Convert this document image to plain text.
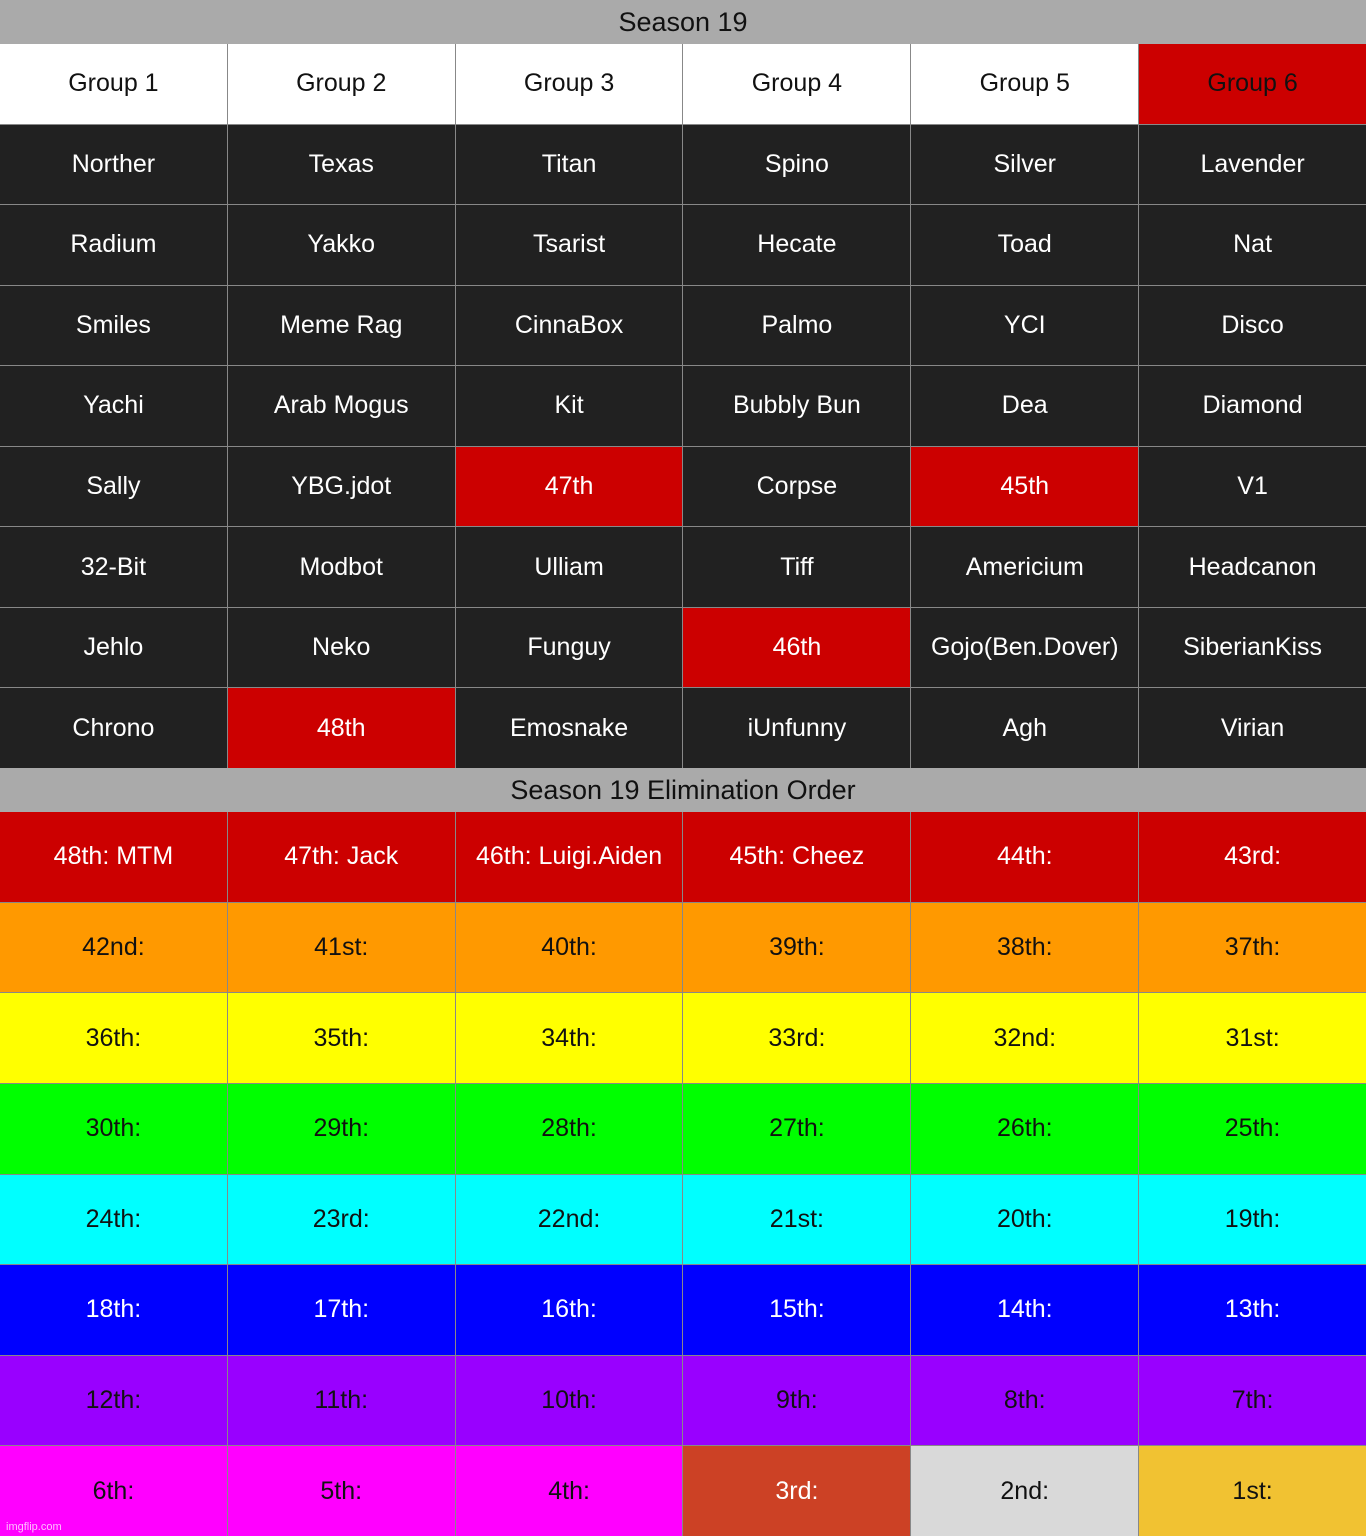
Season 19
Group 1	Group 2	Group 3	Group 4	Group 5	Group 6
Norther	Texas	Titan	Spino	Silver	Lavender
Radium	Yakko	Tsarist	Hecate	Toad	Nat
Smiles	Meme Rag	CinnaBox	Palmo	YCI	Disco
Yachi	Arab Mogus	Kit	Bubbly Bun	Dea	Diamond
Sally	YBG.jdot	47th	Corpse	45th	V1
32-Bit	Modbot	Ulliam	Tiff	Americium	Headcanon
Jehlo	Neko	Funguy	46th	Gojo(Ben.Dover)	SiberianKiss
Chrono	48th	Emosnake	iUnfunny	Agh	Virian
Season 19 Elimination Order
48th: MTM	47th: Jack	46th: Luigi.Aiden	45th: Cheez	44th:	43rd:
42nd:	41st:	40th:	39th:	38th:	37th:
36th:	35th:	34th:	33rd:	32nd:	31st:
30th:	29th:	28th:	27th:	26th:	25th:
24th:	23rd:	22nd:	21st:	20th:	19th:
18th:	17th:	16th:	15th:	14th:	13th:
12th:	11th:	10th:	9th:	8th:	7th:
6th:	5th:	4th:	3rd:	2nd:	1st:
imgflip.com
